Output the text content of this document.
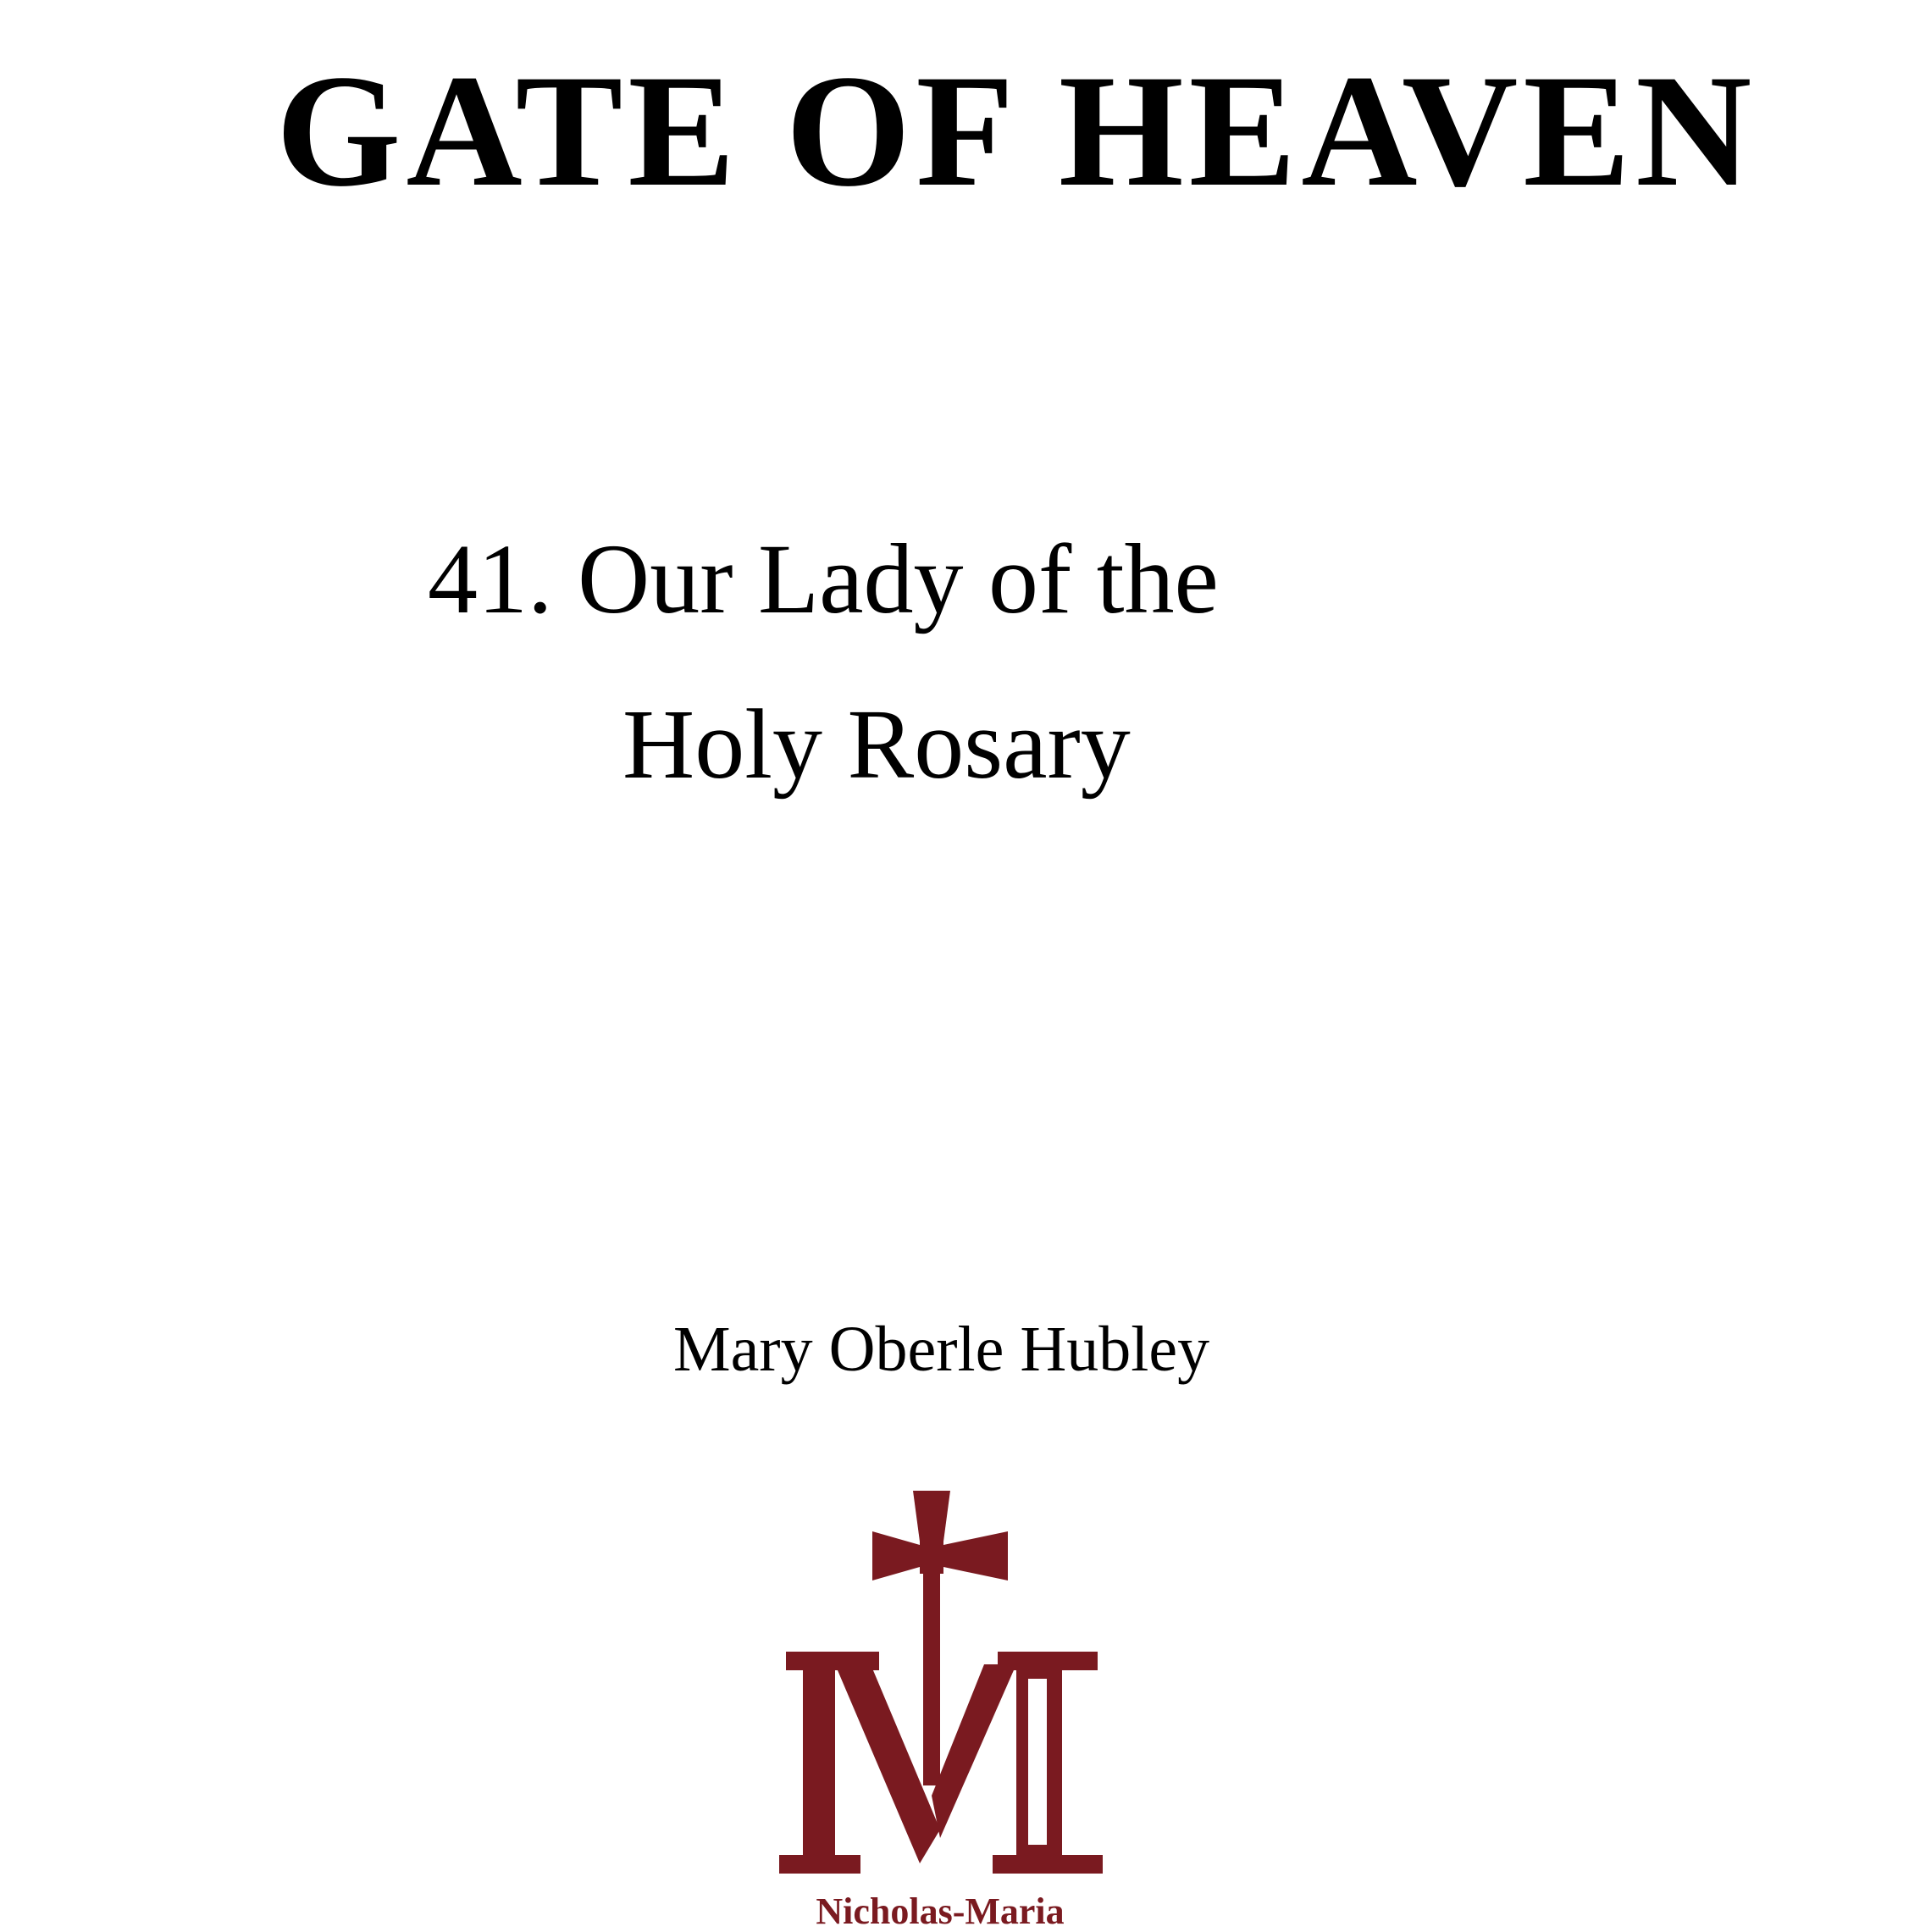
GATE OF HEAVEN
41. Our Lady of the
Holy Rosary
Mary Oberle Hubley
Nicholas-Maria
